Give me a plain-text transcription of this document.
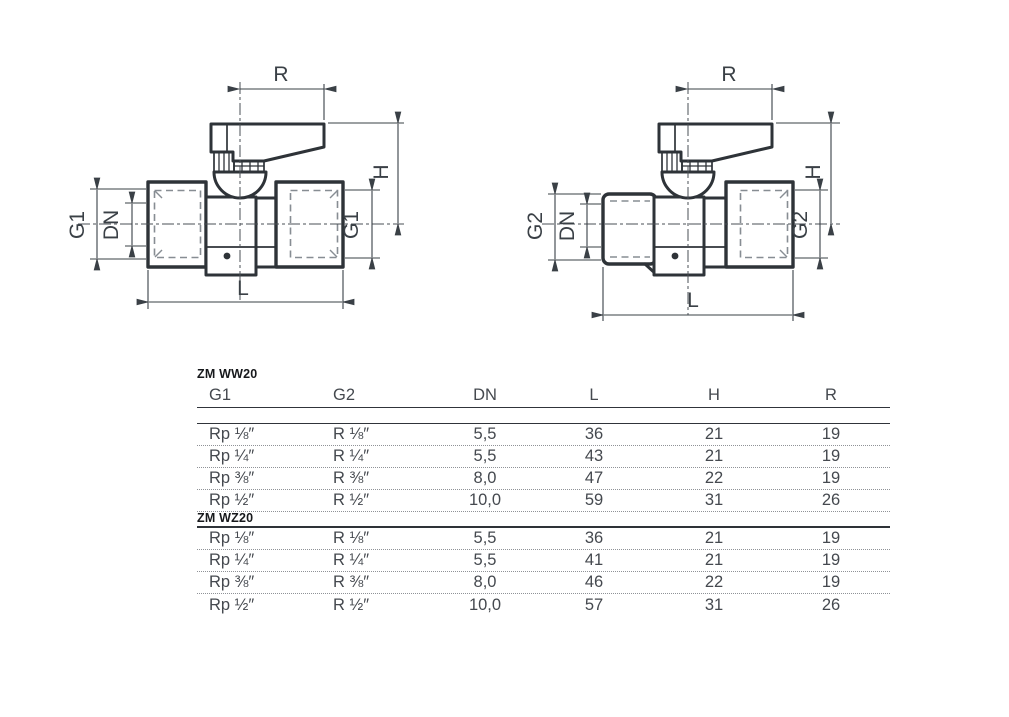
R
H
G1 DN	G1
L
R
H
G2 DN	G2
L
ZM WW20
G1	G2	DN	L	H	R
Rp ⅛″	R ⅛″	5,5	36	21	19
Rp ¼″	R ¼″	5,5	43	21	19
Rp ⅜″	R ⅜″	8,0	47	22	19
Rp ½″	R ½″	10,0	59	31	26
ZM WZ20
Rp ⅛″	R ⅛″	5,5	36	21	19
Rp ¼″	R ¼″	5,5	41	21	19
Rp ⅜″	R ⅜″	8,0	46	22	19
Rp ½″	R ½″	10,0	57	31	26
